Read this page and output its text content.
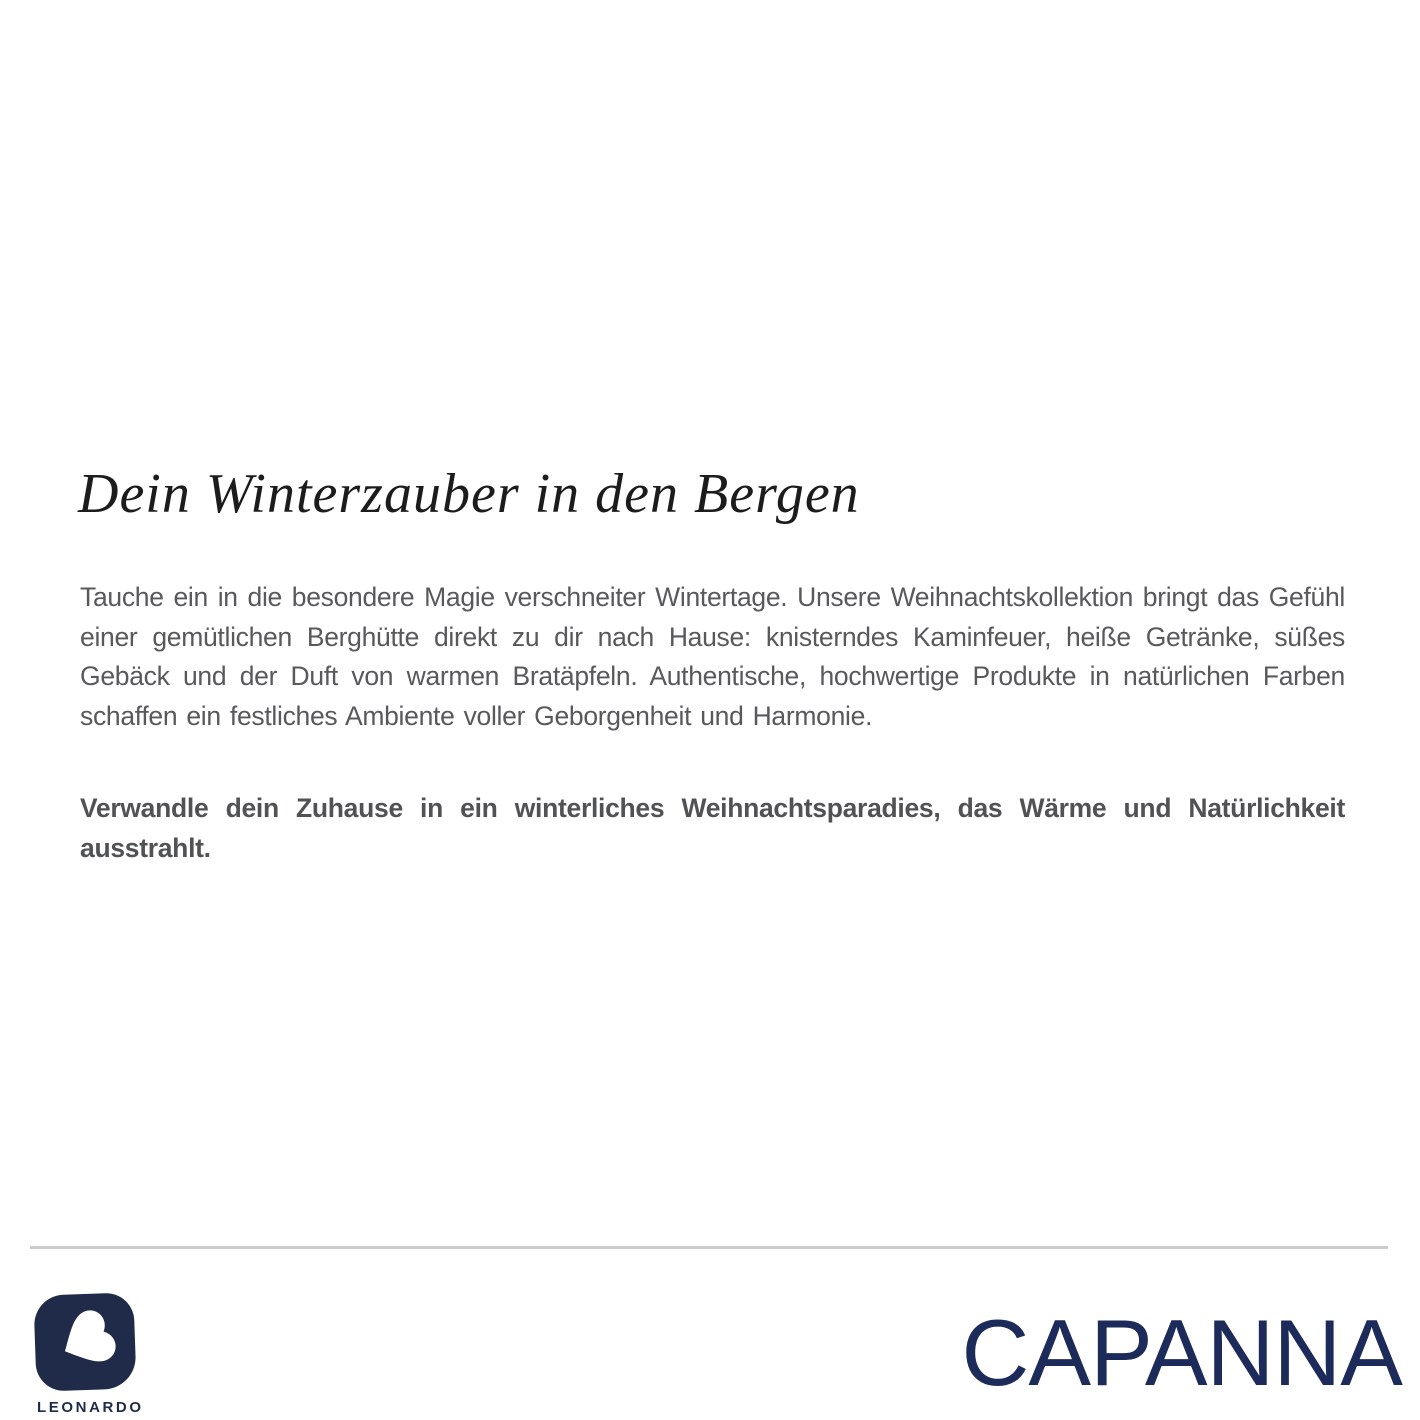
Dein Winterzauber in den Bergen

Tauche ein in die besondere Magie verschneiter Wintertage. Unsere Weihnachtskollektion bringt das Gefühl einer gemütlichen Berghütte direkt zu dir nach Hause: knisterndes Kaminfeuer, heiße Getränke, süßes Gebäck und der Duft von warmen Bratäpfeln. Authentische, hochwertige Produkte in natürlichen Farben schaffen ein festliches Ambiente voller Geborgenheit und Harmonie.

Verwandle dein Zuhause in ein winterliches Weihnachtsparadies, das Wärme und Natürlichkeit ausstrahlt.

LEONARDO
CAPANNA
